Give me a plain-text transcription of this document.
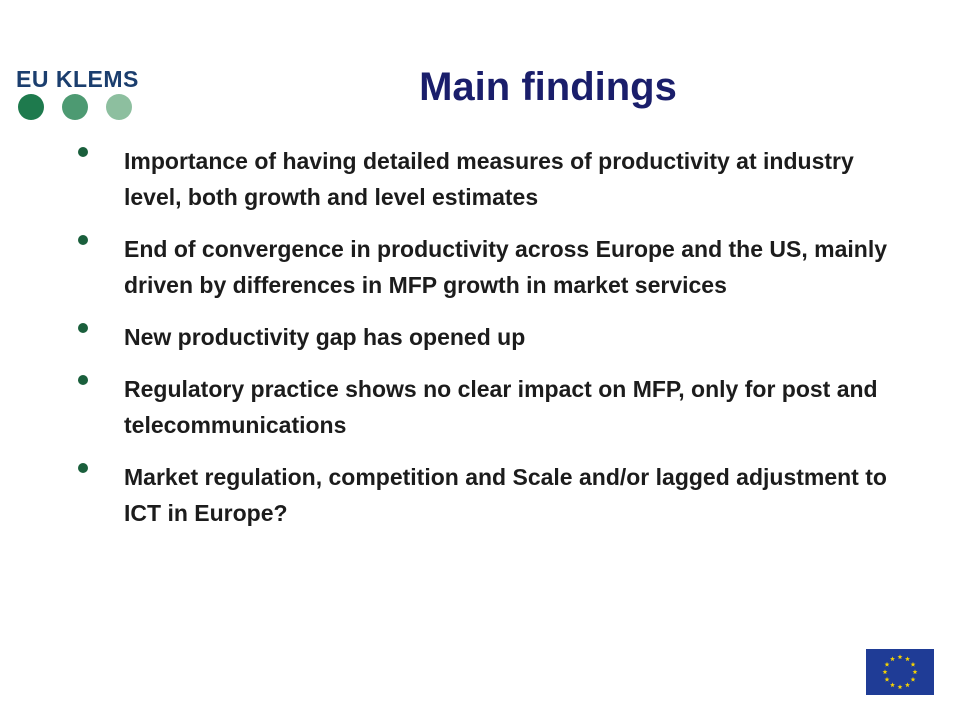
EU KLEMS	Main findings
Importance of having detailed measures of productivity at industry level, both growth and level estimates
End of convergence in productivity across Europe and the US, mainly driven by differences in MFP growth in market services
New productivity gap has opened up
Regulatory practice shows no clear impact on MFP, only for post and telecommunications
Market regulation, competition and Scale and/or lagged adjustment to ICT in Europe?
